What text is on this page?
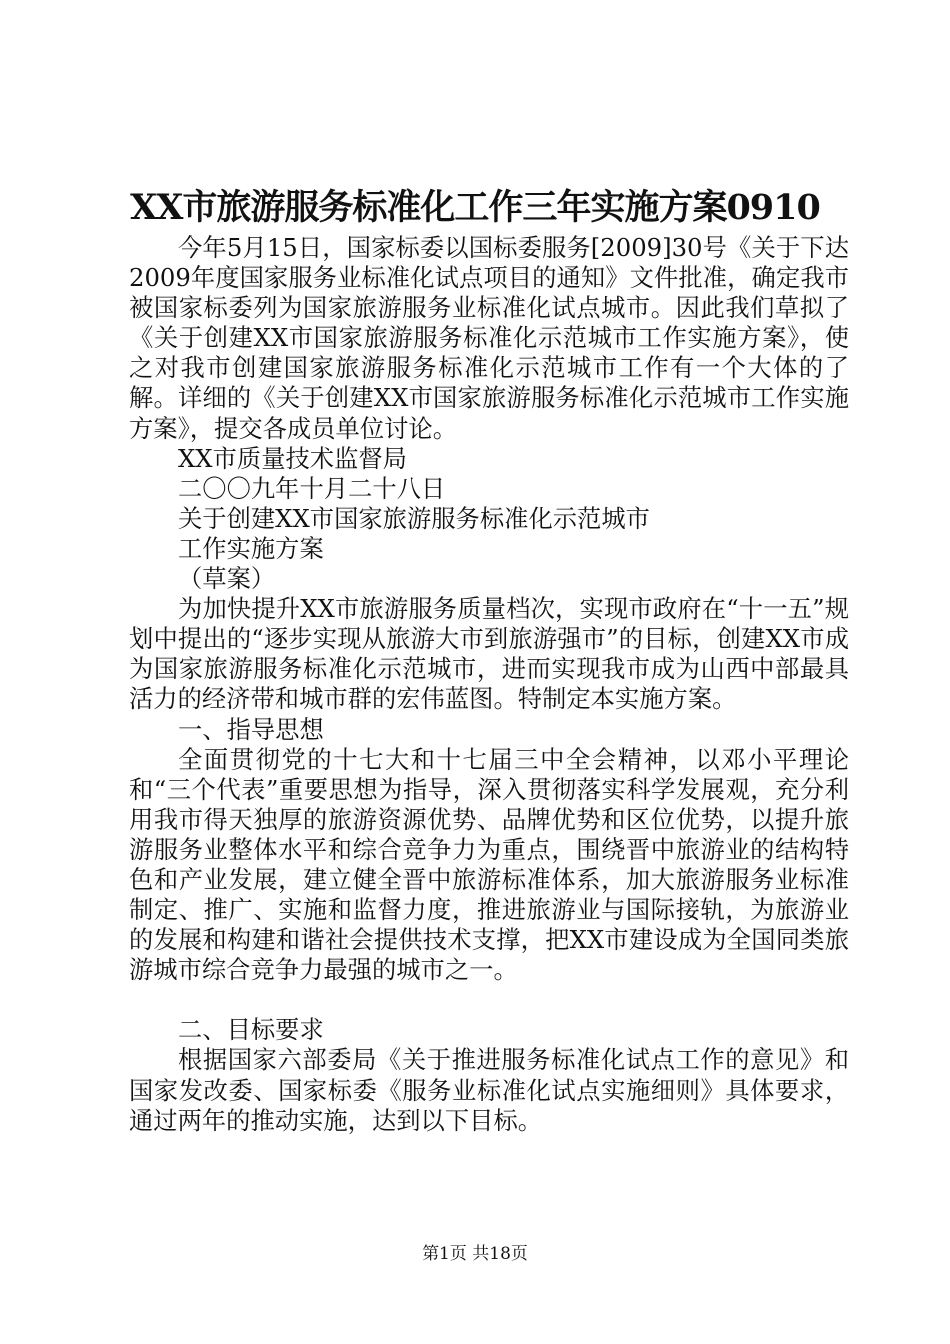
XX市旅游服务标准化工作三年实施方案0910

今年5月15日，国家标委以国标委服务[2009]30号《关于下达2009年度国家服务业标准化试点项目的通知》文件批准，确定我市被国家标委列为国家旅游服务业标准化试点城市。因此我们草拟了《关于创建XX市国家旅游服务标准化示范城市工作实施方案》，使之对我市创建国家旅游服务标准化示范城市工作有一个大体的了解。详细的《关于创建XX市国家旅游服务标准化示范城市工作实施方案》，提交各成员单位讨论。

XX市质量技术监督局

二〇〇九年十月二十八日

关于创建XX市国家旅游服务标准化示范城市

工作实施方案

（草案）

为加快提升XX市旅游服务质量档次，实现市政府在“十一五”规划中提出的“逐步实现从旅游大市到旅游强市”的目标，创建XX市成为国家旅游服务标准化示范城市，进而实现我市成为山西中部最具活力的经济带和城市群的宏伟蓝图。特制定本实施方案。

一、指导思想

全面贯彻党的十七大和十七届三中全会精神，以邓小平理论和“三个代表”重要思想为指导，深入贯彻落实科学发展观，充分利用我市得天独厚的旅游资源优势、品牌优势和区位优势，以提升旅游服务业整体水平和综合竞争力为重点，围绕晋中旅游业的结构特色和产业发展，建立健全晋中旅游标准体系，加大旅游服务业标准制定、推广、实施和监督力度，推进旅游业与国际接轨，为旅游业的发展和构建和谐社会提供技术支撑，把XX市建设成为全国同类旅游城市综合竞争力最强的城市之一。

二、目标要求

根据国家六部委局《关于推进服务标准化试点工作的意见》和国家发改委、国家标委《服务业标准化试点实施细则》具体要求，通过两年的推动实施，达到以下目标。

第1页 共18页
